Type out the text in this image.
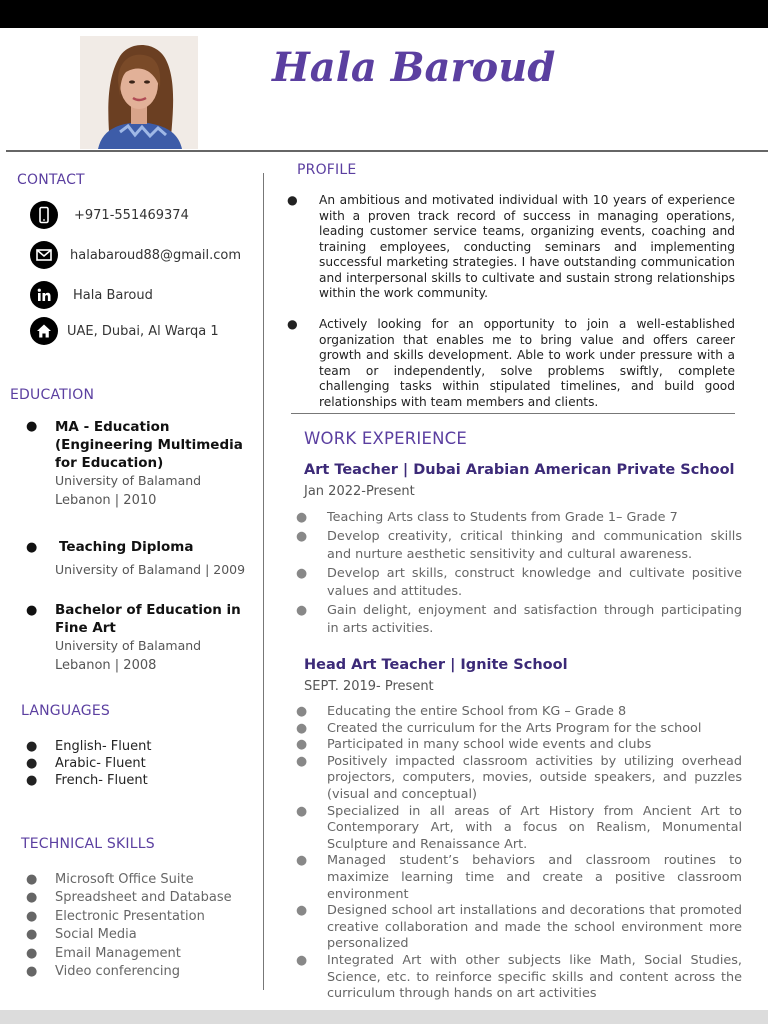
Hala Baroud
CONTACT
+971-551469374
halabaroud88@gmail.com
Hala Baroud
UAE, Dubai, Al Warqa 1
EDUCATION
● MA - Education (Engineering Multimedia for Education)
University of Balamand
Lebanon | 2010
● Teaching Diploma
University of Balamand | 2009
● Bachelor of Education in Fine Art
University of Balamand
Lebanon | 2008
LANGUAGES
●	English- Fluent
●	Arabic- Fluent
●	French- Fluent
TECHNICAL SKILLS
●	Microsoft Office Suite
●	Spreadsheet and Database
●	Electronic Presentation
●	Social Media
●	Email Management
●	Video conferencing
PROFILE
●	An ambitious and motivated individual with 10 years of experience with a proven track record of success in managing operations, leading customer service teams, organizing events, coaching and training employees, conducting seminars and implementing successful marketing strategies. I have outstanding communication and interpersonal skills to cultivate and sustain strong relationships within the work community.
●	Actively looking for an opportunity to join a well-established organization that enables me to bring value and offers career growth and skills development. Able to work under pressure with a team or independently, solve problems swiftly, complete challenging tasks within stipulated timelines, and build good relationships with team members and clients.
WORK EXPERIENCE
Art Teacher | Dubai Arabian American Private School
Jan 2022-Present
●	Teaching Arts class to Students from Grade 1– Grade 7
●	Develop creativity, critical thinking and communication skills and nurture aesthetic sensitivity and cultural awareness.
●	Develop art skills, construct knowledge and cultivate positive values and attitudes.
●	Gain delight, enjoyment and satisfaction through participating in arts activities.
Head Art Teacher | Ignite School
SEPT. 2019- Present
●	Educating the entire School from KG – Grade 8
●	Created the curriculum for the Arts Program for the school
●	Participated in many school wide events and clubs
●	Positively impacted classroom activities by utilizing overhead projectors, computers, movies, outside speakers, and puzzles (visual and conceptual)
●	Specialized in all areas of Art History from Ancient Art to Contemporary Art, with a focus on Realism, Monumental Sculpture and Renaissance Art.
●	Managed student’s behaviors and classroom routines to maximize learning time and create a positive classroom environment
●	Designed school art installations and decorations that promoted creative collaboration and made the school environment more personalized
●	Integrated Art with other subjects like Math, Social Studies, Science, etc. to reinforce specific skills and content across the curriculum through hands on art activities
